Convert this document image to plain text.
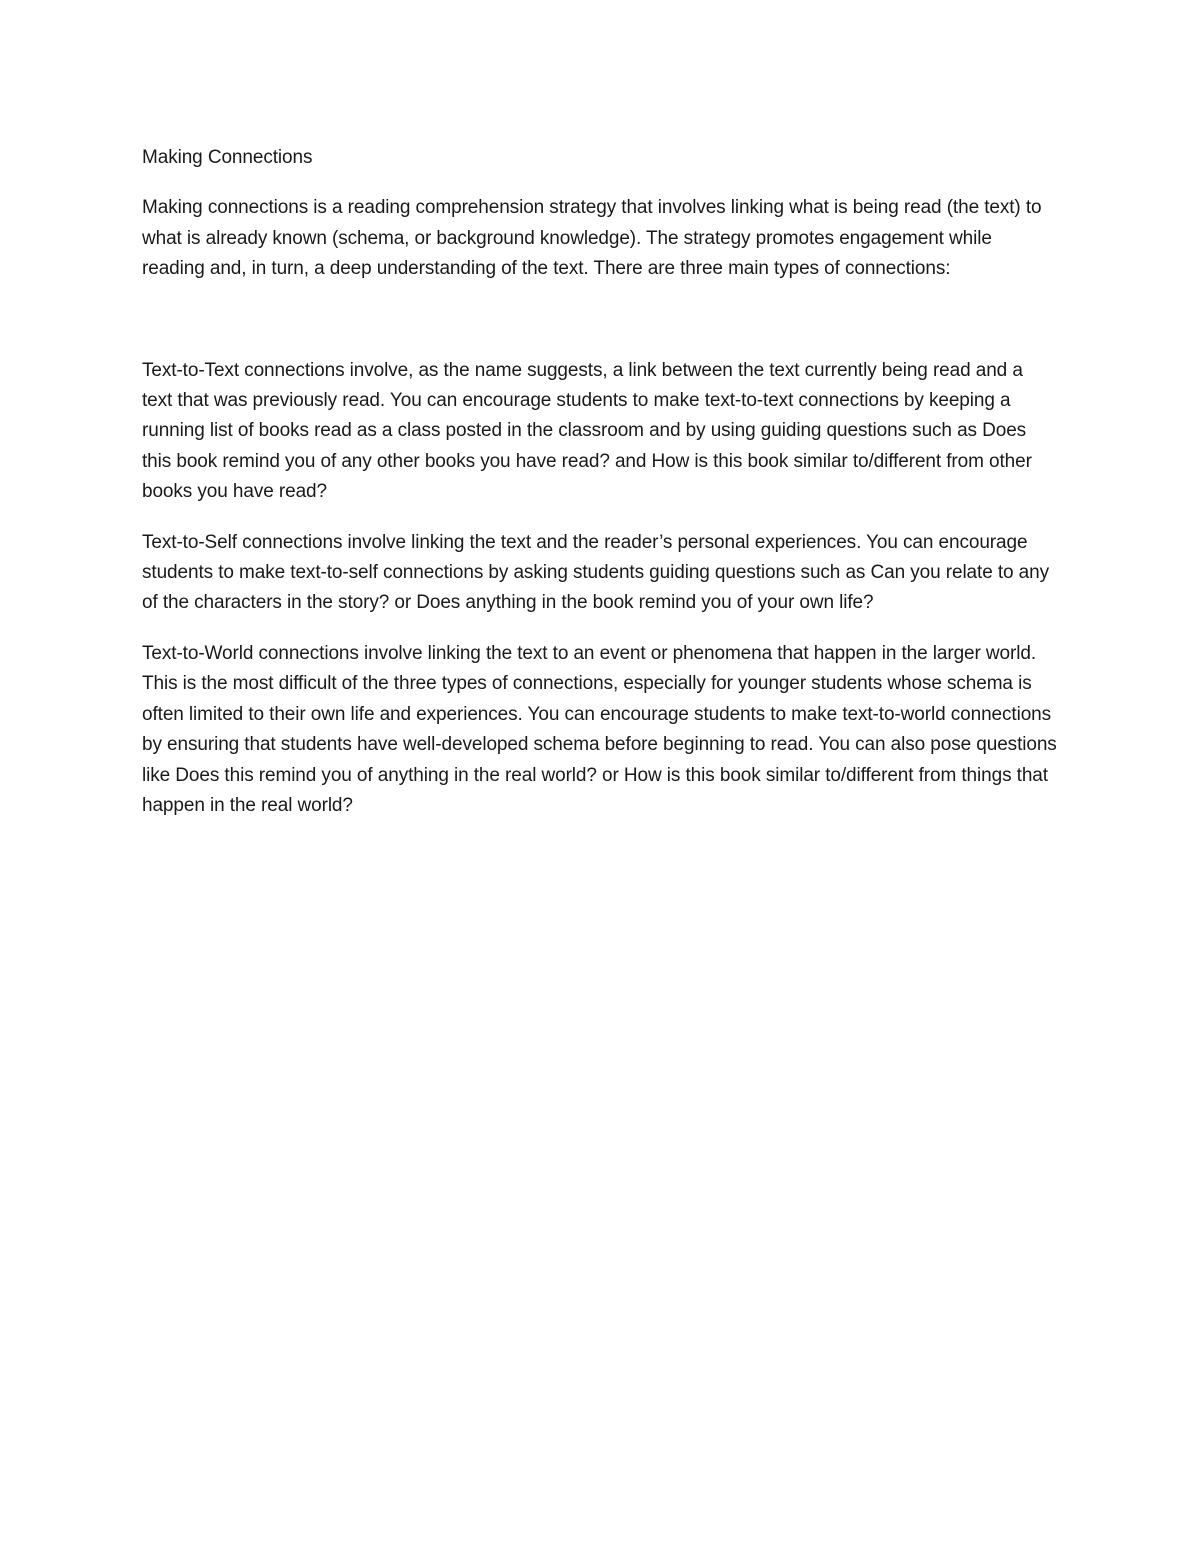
Making Connections

Making connections is a reading comprehension strategy that involves linking what is being read (the text) to what is already known (schema, or background knowledge). The strategy promotes engagement while reading and, in turn, a deep understanding of the text. There are three main types of connections:

Text-to-Text connections involve, as the name suggests, a link between the text currently being read and a text that was previously read. You can encourage students to make text-to-text connections by keeping a running list of books read as a class posted in the classroom and by using guiding questions such as Does this book remind you of any other books you have read? and How is this book similar to/different from other books you have read?

Text-to-Self connections involve linking the text and the reader’s personal experiences. You can encourage students to make text-to-self connections by asking students guiding questions such as Can you relate to any of the characters in the story? or Does anything in the book remind you of your own life?

Text-to-World connections involve linking the text to an event or phenomena that happen in the larger world. This is the most difficult of the three types of connections, especially for younger students whose schema is often limited to their own life and experiences. You can encourage students to make text-to-world connections by ensuring that students have well-developed schema before beginning to read. You can also pose questions like Does this remind you of anything in the real world? or How is this book similar to/different from things that happen in the real world?
